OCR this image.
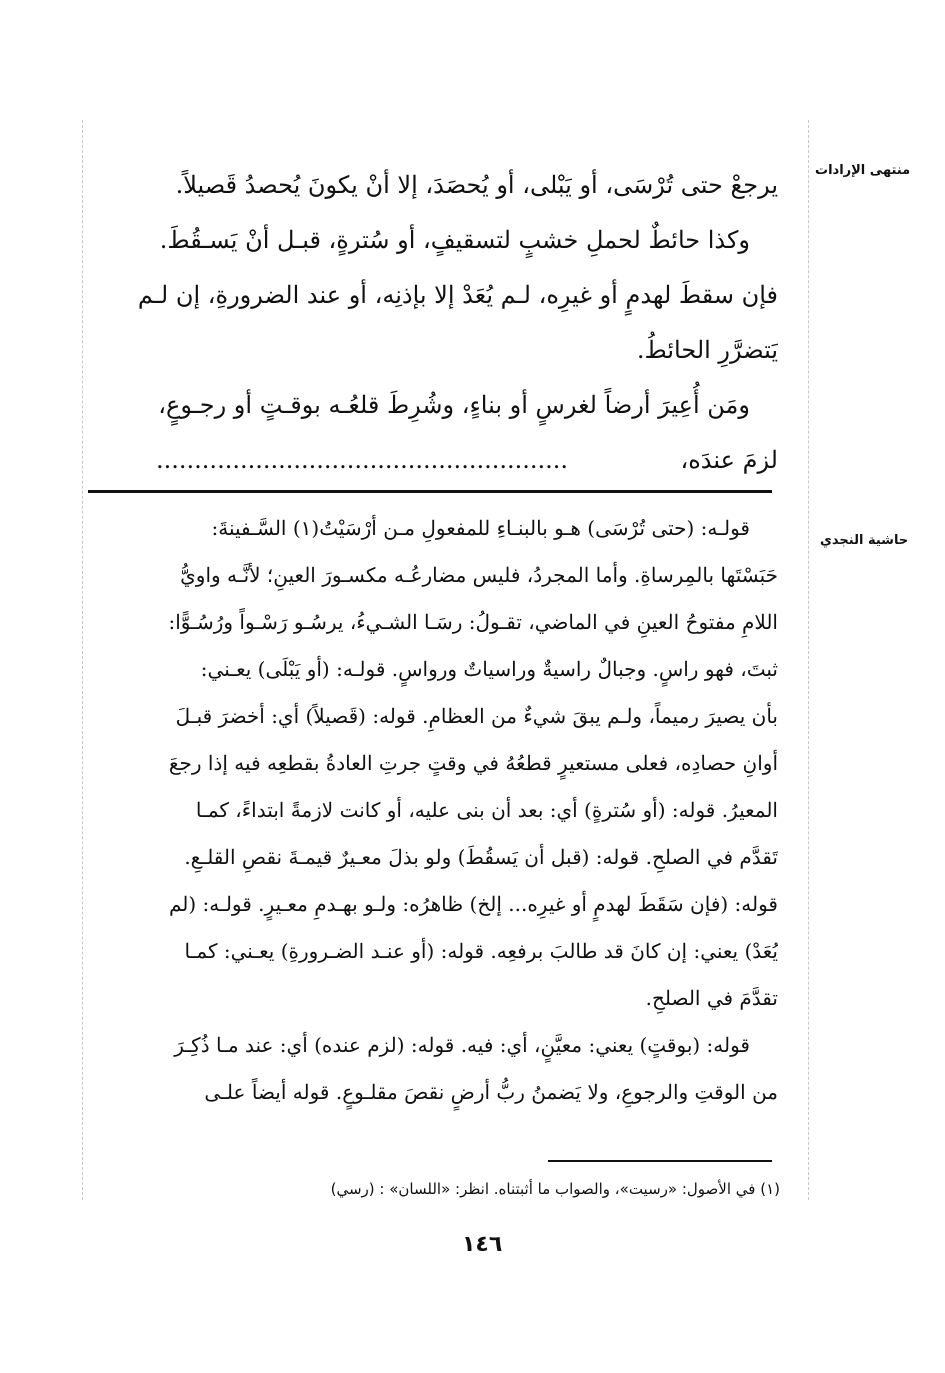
منتهى الإرادات
حاشية النجدي
يرجعْ حتى تُرْسَى، أو يَبْلى، أو يُحصَدَ، إلا أنْ يكونَ يُحصدُ قَصيلاً.
وكذا حائطٌ لحملِ خشبٍ لتسقيفٍ، أو سُترةٍ، قبـل أنْ يَسـقُطَ.
فإن سقطَ لهدمٍ أو غيرِه، لـم يُعَدْ إلا بإذنِه، أو عند الضرورةِ، إن لـم
يَتضرَّرِ الحائطُ.
ومَن أُعِيرَ أرضاً لغرسٍ أو بناءٍ، وشُرِطَ قلعُـه بوقـتٍ أو رجـوعٍ،
لزمَ عندَه،
......................................................
قولـه: (حتى تُرْسَى) هـو بالبنـاءِ للمفعولِ مـن أرْسَيْتُ(١) السَّـفينةَ:
حَبَسْتَها بالمِرساةِ. وأما المجردُ، فليس مضارعُـه مكسـورَ العينِ؛ لأنَّـه واويُّ
اللامِ مفتوحُ العينِ في الماضي، تقـولُ: رسَـا الشـيءُ، يرسُـو رَسْـواً ورُسُـوًّا:
ثبتَ، فهو راسٍ. وجبالٌ راسيةٌ وراسياتٌ ورواسٍ. قولـه: (أو يَبْلَى) يعـني:
بأن يصيرَ رميماً، ولـم يبقَ شيءٌ من العظامِ. قوله: (قَصيلاً) أي: أخضرَ قبـلَ
أوانِ حصادِه، فعلى مستعيرٍ قطعُهُ في وقتٍ جرتِ العادةُ بقطعِه فيه إذا رجعَ
المعيرُ. قوله: (أو سُترةٍ) أي: بعد أن بنى عليه، أو كانت لازمةً ابتداءً، كمـا
تَقدَّم في الصلحِ. قوله: (قبل أن يَسقُطَ) ولو بذلَ معـيرٌ قيمـةَ نقصِ القلـعِ.
قوله: (فإن سَقَطَ لهدمٍ أو غيرِه... إلخ) ظاهرُه: ولـو بهـدمِ معـيرٍ. قولـه: (لم
يُعَدْ) يعني: إن كانَ قد طالبَ برفعِه. قوله: (أو عنـد الضـرورةِ) يعـني: كمـا
تقدَّمَ في الصلحِ.
قوله: (بوقتٍ) يعني: معيَّنٍ، أي: فيه. قوله: (لزم عنده) أي: عند مـا ذُكِـرَ
من الوقتِ والرجوعِ، ولا يَضمنُ ربُّ أرضٍ نقصَ مقلـوعٍ. قوله أيضاً علـى
(١) في الأصول: «رسيت»، والصواب ما أثبتناه. انظر: «اللسان» : (رسي)
١٤٦
